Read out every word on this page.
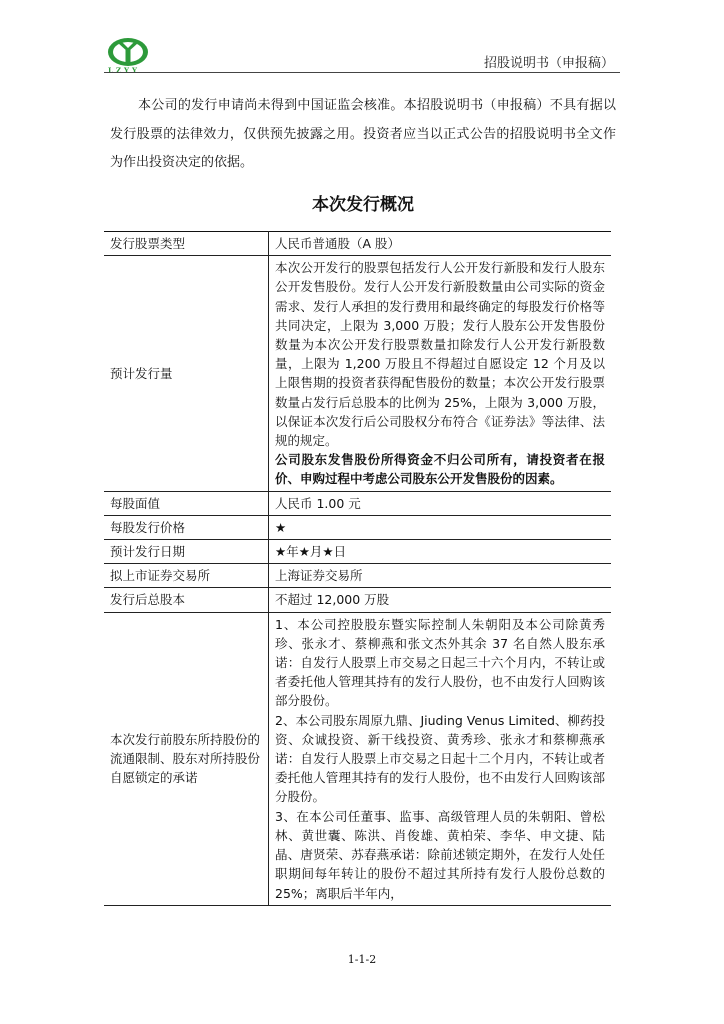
LZYY	招股说明书（申报稿）

本公司的发行申请尚未得到中国证监会核准。本招股说明书（申报稿）不具有据以发行股票的法律效力，仅供预先披露之用。投资者应当以正式公告的招股说明书全文作为作出投资决定的依据。

本次发行概况
发行股票类型	人民币普通股（A 股）
预计发行量	本次公开发行的股票包括发行人公开发行新股和发行人股东公开发售股份。发行人公开发行新股数量由公司实际的资金需求、发行人承担的发行费用和最终确定的每股发行价格等共同决定，上限为 3,000 万股；发行人股东公开发售股份数量为本次公开发行股票数量扣除发行人公开发行新股数量，上限为 1,200 万股且不得超过自愿设定 12 个月及以上限售期的投资者获得配售股份的数量；本次公开发行股票数量占发行后总股本的比例为 25%，上限为 3,000 万股，以保证本次发行后公司股权分布符合《证券法》等法律、法规的规定。
公司股东发售股份所得资金不归公司所有，请投资者在报价、申购过程中考虑公司股东公开发售股份的因素。

每股面值	人民币 1.00 元
每股发行价格	★
预计发行日期	★年★月★日
拟上市证券交易所	上海证券交易所
发行后总股本	不超过 12,000 万股
本次发行前股东所持股份的流通限制、股东对所持股份自愿锁定的承诺	1、本公司控股股东暨实际控制人朱朝阳及本公司除黄秀珍、张永才、蔡柳燕和张文杰外其余 37 名自然人股东承诺：自发行人股票上市交易之日起三十六个月内，不转让或者委托他人管理其持有的发行人股份，也不由发行人回购该部分股份。
2、本公司股东周原九鼎、Jiuding Venus Limited、柳药投资、众诚投资、新干线投资、黄秀珍、张永才和蔡柳燕承诺：自发行人股票上市交易之日起十二个月内，不转让或者委托他人管理其持有的发行人股份，也不由发行人回购该部分股份。
3、在本公司任董事、监事、高级管理人员的朱朝阳、曾松林、黄世囊、陈洪、肖俊雄、黄柏荣、李华、申文捷、陆晶、唐贤荣、苏春燕承诺：除前述锁定期外，在发行人处任职期间每年转让的股份不超过其所持有发行人股份总数的 25%；离职后半年内，
1-1-2
